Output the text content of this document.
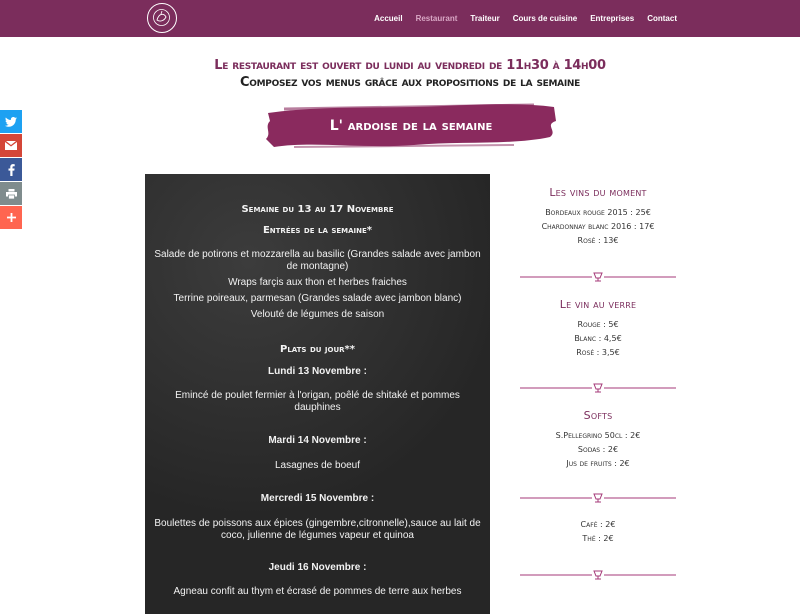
Accueil Restaurant Traiteur Cours de cuisine Entreprises Contact
Le restaurant est ouvert du lundi au vendredi de 11h30 à 14h00
Composez vos menus grâce aux propositions de la semaine
L' ardoise de la semaine
Semaine du 13 au 17 Novembre
Entrées de la semaine*
Salade de potirons et mozzarella au basilic (Grandes salade avec jambon
de montagne)
Wraps farçis aux thon et herbes fraiches
Terrine poireaux, parmesan (Grandes salade avec jambon blanc)
Velouté de légumes de saison
Plats du jour**
Lundi 13 Novembre :
Emincé de poulet fermier à l'origan, poêlé de shitaké et pommes
dauphines
Mardi 14 Novembre :
Lasagnes de boeuf
Mercredi 15 Novembre :
Boulettes de poissons aux épices (gingembre,citronnelle),sauce au lait de
coco, julienne de légumes vapeur et quinoa
Jeudi 16 Novembre :
Agneau confit au thym et écrasé de pommes de terre aux herbes
Les vins du moment
Bordeaux rouge 2015 : 25€
Chardonnay blanc 2016 : 17€
Rosé : 13€
Le vin au verre
Rouge : 5€
Blanc : 4,5€
Rosé : 3,5€
Softs
S.Pellegrino 50cl : 2€
Sodas : 2€
Jus de fruits : 2€
Café : 2€
Thé : 2€
